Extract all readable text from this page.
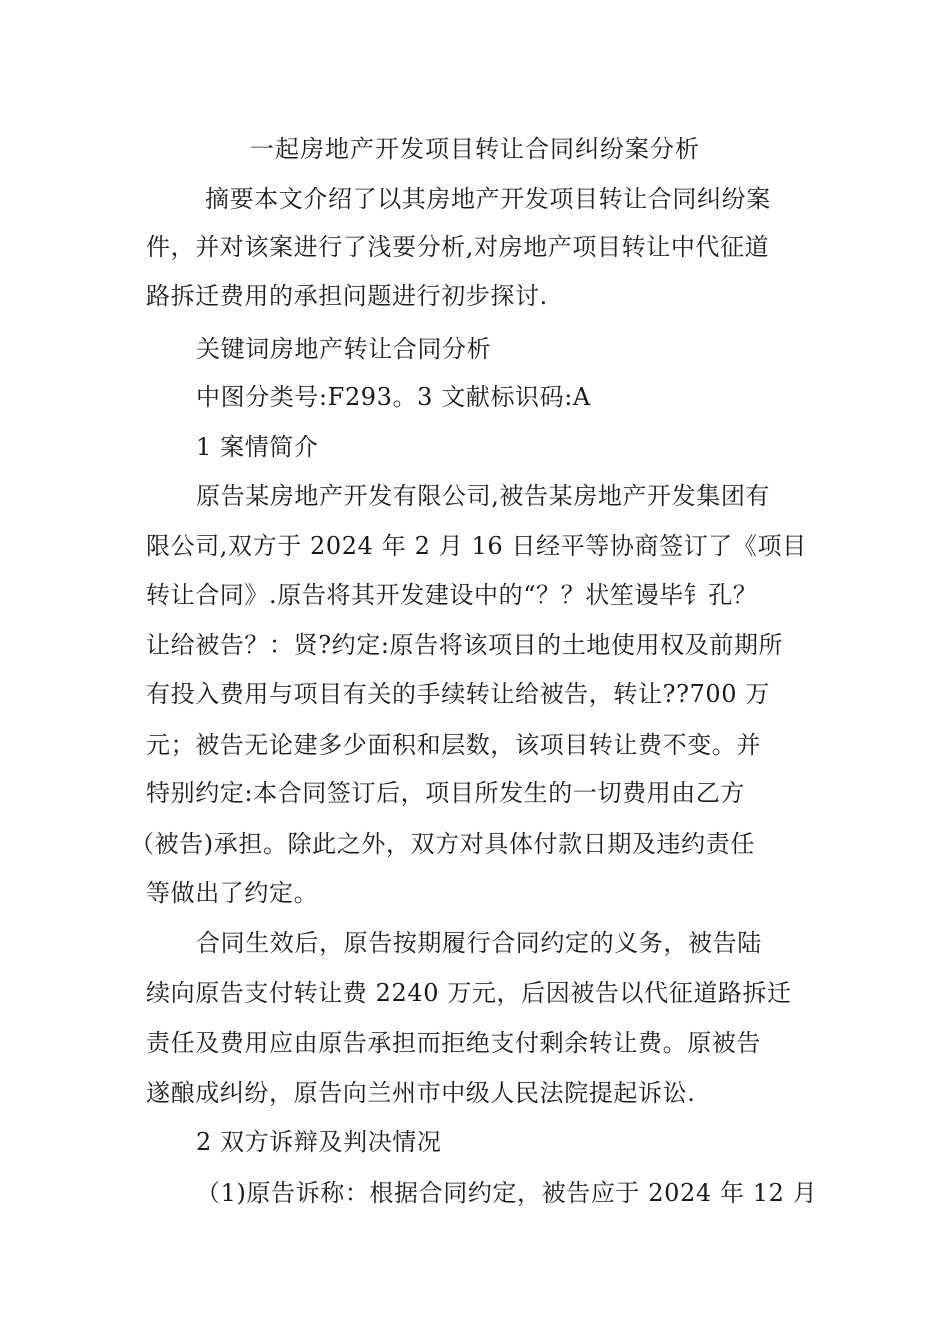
一起房地产开发项目转让合同纠纷案分析
摘要本文介绍了以其房地产开发项目转让合同纠纷案
件，并对该案进行了浅要分析,对房地产项目转让中代征道
路拆迁费用的承担问题进行初步探讨.
关键词房地产转让合同分析
中图分类号:F293。3 文献标识码:A
1 案情简介
原告某房地产开发有限公司,被告某房地产开发集团有
限公司,双方于 2024 年 2 月 16 日经平等协商签订了《项目
转让合同》.原告将其开发建设中的“？？状笙谩毕钅孔？
让给被告？：贤?约定:原告将该项目的土地使用权及前期所
有投入费用与项目有关的手续转让给被告，转让??700 万
元；被告无论建多少面积和层数，该项目转让费不变。并
特别约定:本合同签订后，项目所发生的一切费用由乙方
（被告)承担。除此之外，双方对具体付款日期及违约责任
等做出了约定。
合同生效后，原告按期履行合同约定的义务，被告陆
续向原告支付转让费 2240 万元，后因被告以代征道路拆迁
责任及费用应由原告承担而拒绝支付剩余转让费。原被告
遂酿成纠纷，原告向兰州市中级人民法院提起诉讼.
2 双方诉辩及判决情况
（1)原告诉称：根据合同约定，被告应于 2024 年 12 月
